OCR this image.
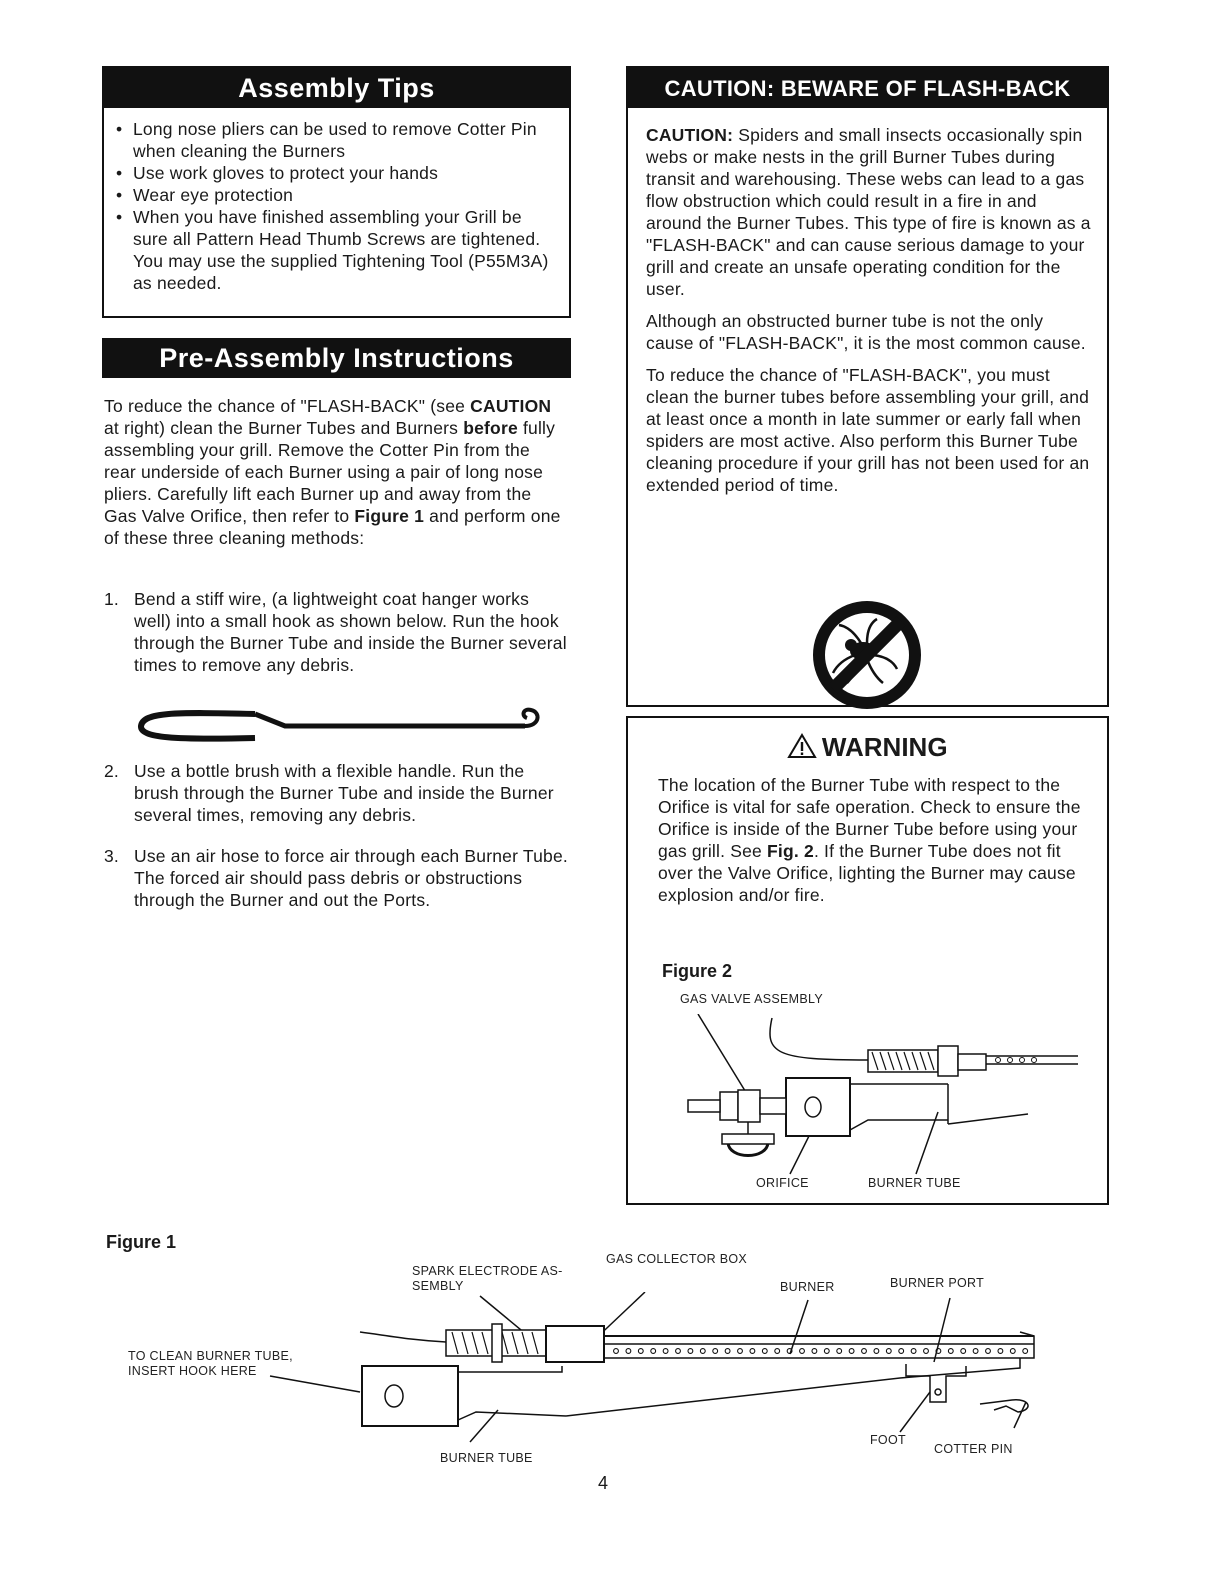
Assembly Tips
• Long nose pliers can be used to remove Cotter Pin when cleaning the Burners
• Use work gloves to protect your hands
• Wear eye protection
• When you have finished assembling your Grill be sure all Pattern Head Thumb Screws are tightened. You may use the supplied Tightening Tool (P55M3A) as needed.
Pre-Assembly Instructions

To reduce the chance of "FLASH-BACK" (see CAUTION at right) clean the Burner Tubes and Burners before fully assembling your grill. Remove the Cotter Pin from the rear underside of each Burner using a pair of long nose pliers. Carefully lift each Burner up and away from the Gas Valve Orifice, then refer to Figure 1 and perform one of these three cleaning methods:

1. Bend a stiff wire, (a lightweight coat hanger works well) into a small hook as shown below. Run the hook through the Burner Tube and inside the Burner several times to remove any debris.
2. Use a bottle brush with a flexible handle. Run the brush through the Burner Tube and inside the Burner several times, removing any debris.
3. Use an air hose to force air through each Burner Tube. The forced air should pass debris or obstructions through the Burner and out the Ports.
CAUTION: BEWARE OF FLASH-BACK

CAUTION: Spiders and small insects occasionally spin webs or make nests in the grill Burner Tubes during transit and warehousing. These webs can lead to a gas flow obstruction which could result in a fire in and around the Burner Tubes. This type of fire is known as a "FLASH-BACK" and can cause serious damage to your grill and create an unsafe operating condition for the user.

Although an obstructed burner tube is not the only cause of "FLASH-BACK", it is the most common cause.

To reduce the chance of "FLASH-BACK", you must clean the burner tubes before assembling your grill, and at least once a month in late summer or early fall when spiders are most active. Also perform this Burner Tube cleaning procedure if your grill has not been used for an extended period of time.

WARNING

The location of the Burner Tube with respect to the Orifice is vital for safe operation. Check to ensure the Orifice is inside of the Burner Tube before using your gas grill. See Fig. 2. If the Burner Tube does not fit over the Valve Orifice, lighting the Burner may cause explosion and/or fire.

Figure 2
GAS VALVE ASSEMBLY
ORIFICE	BURNER TUBE
Figure 1
SPARK ELECTRODE AS-
SEMBLY
GAS COLLECTOR BOX
BURNER	BURNER PORT
TO CLEAN BURNER TUBE,
INSERT HOOK HERE
BURNER TUBE
FOOT
COTTER PIN
4
